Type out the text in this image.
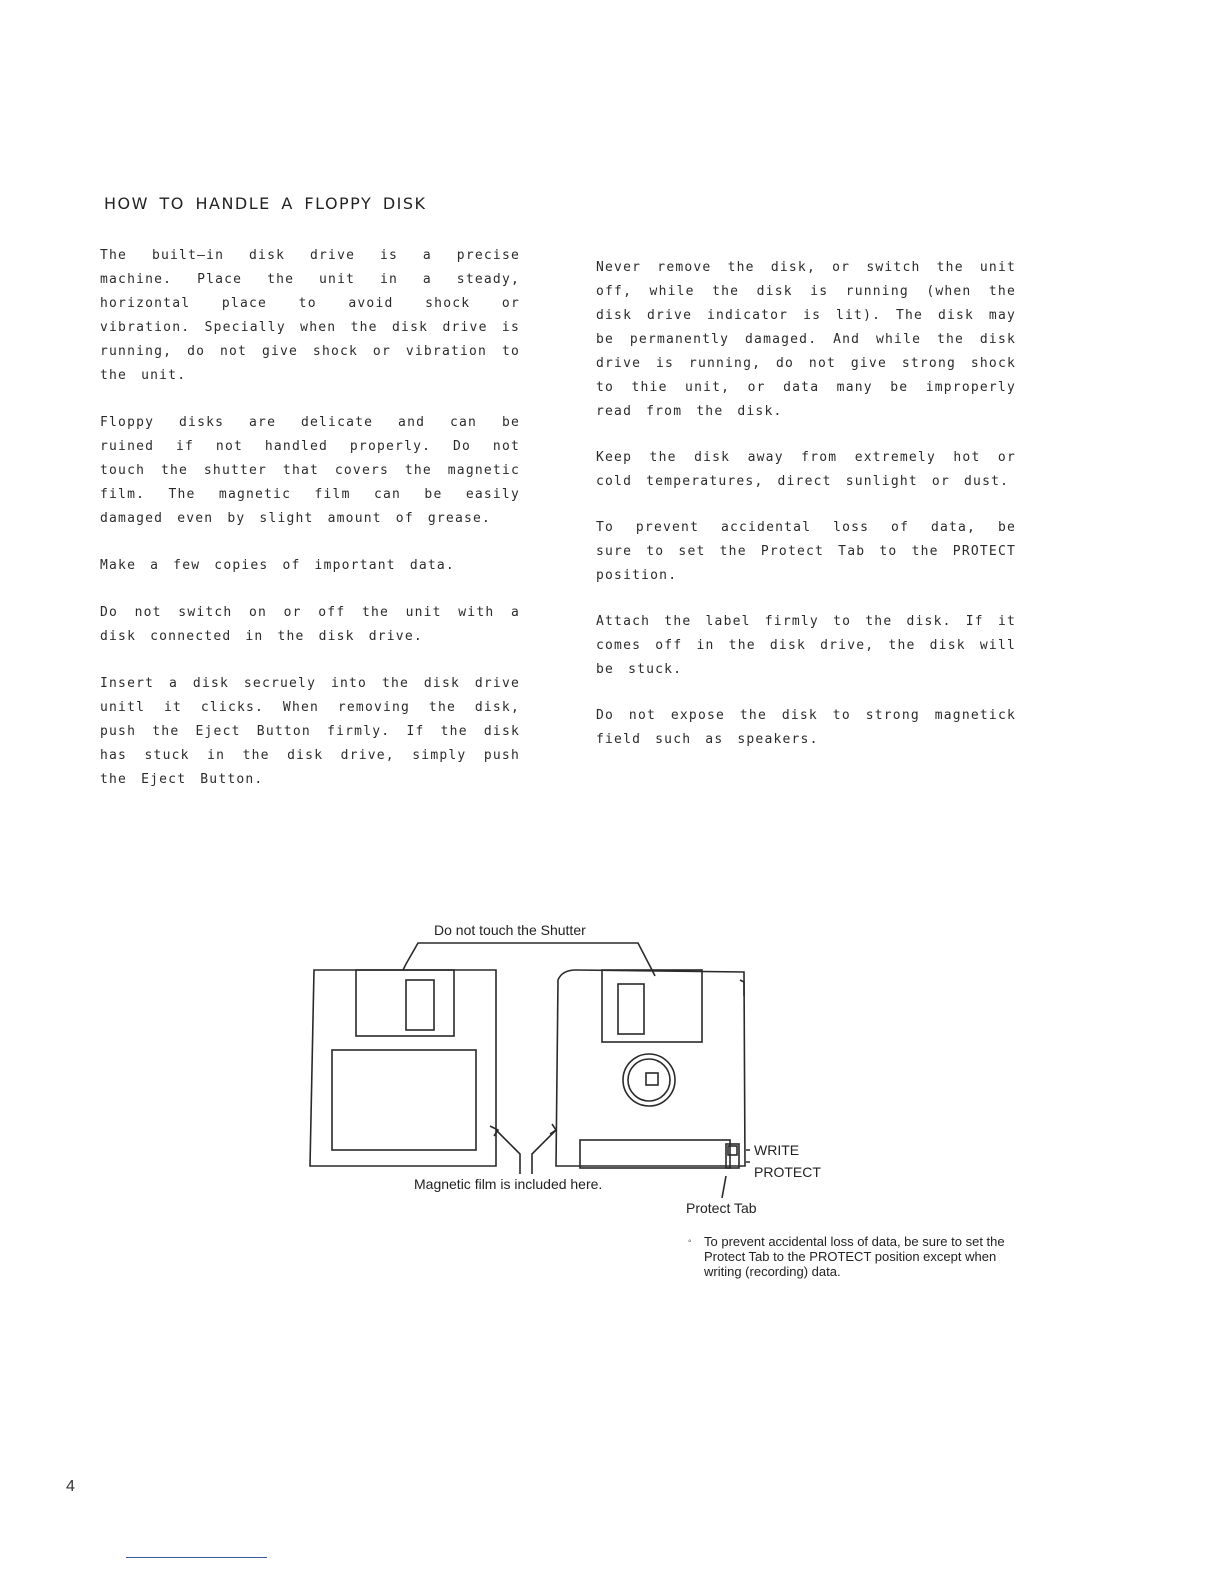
HOW TO HANDLE A FLOPPY DISK

The built—in disk drive is a precise machine. Place the unit in a steady, horizontal place to avoid shock or vibration. Specially when the disk drive is running, do not give shock or vibration to the unit.

Floppy disks are delicate and can be ruined if not handled properly. Do not touch the shutter that covers the magnetic film. The magnetic film can be easily damaged even by slight amount of grease.

Make a few copies of important data.

Do not switch on or off the unit with a disk connected in the disk drive.

Insert a disk secruely into the disk drive unitl it clicks. When removing the disk, push the Eject Button firmly. If the disk has stuck in the disk drive, simply push the Eject Button.

Never remove the disk, or switch the unit off, while the disk is running (when the disk drive indicator is lit). The disk may be permanently damaged. And while the disk drive is running, do not give strong shock to thie unit, or data many be improperly read from the disk.

Keep the disk away from extremely hot or cold temperatures, direct sunlight or dust.

To prevent accidental loss of data, be sure to set the Protect Tab to the PROTECT position.

Attach the label firmly to the disk. If it comes off in the disk drive, the disk will be stuck.

Do not expose the disk to strong magnetick field such as speakers.

Do not touch the Shutter
Magnetic film is included here.
WRITE
PROTECT
Protect Tab
◦ To prevent accidental loss of data, be sure to set the Protect Tab to the PROTECT position except when writing (recording) data.
4
